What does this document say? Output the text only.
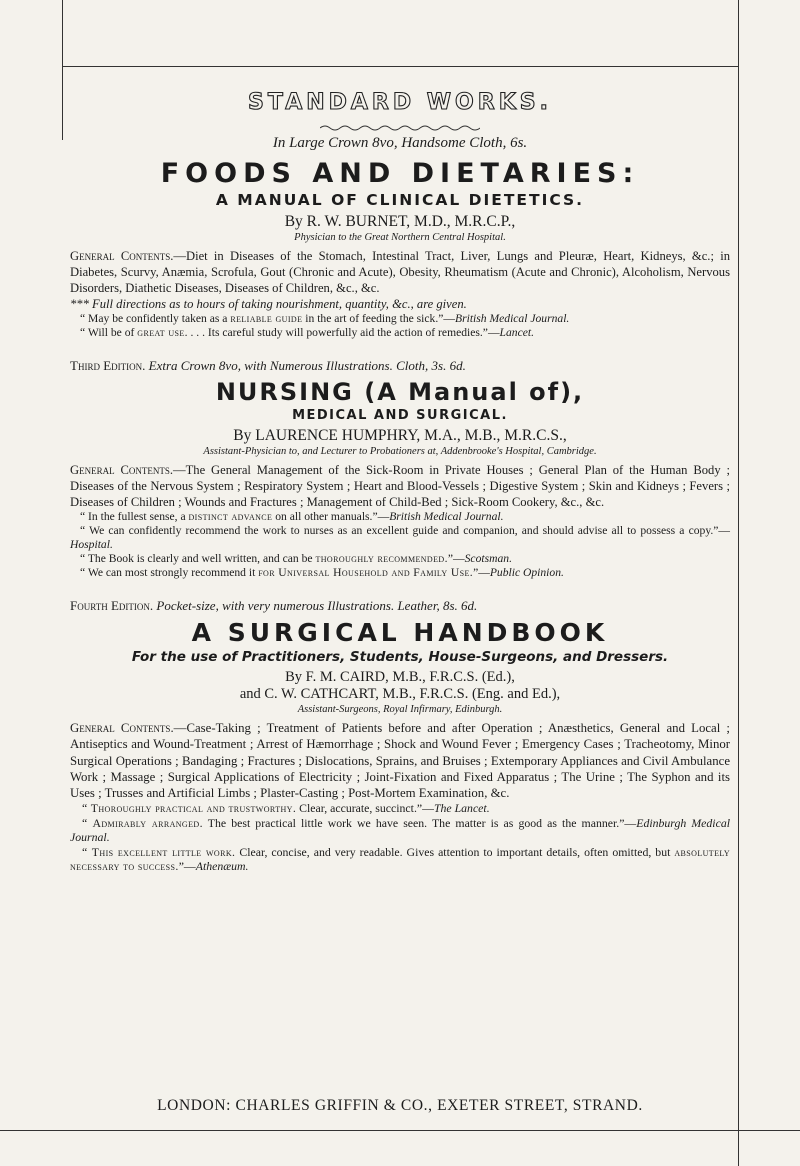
STANDARD WORKS.

In Large Crown 8vo, Handsome Cloth, 6s.

FOODS AND DIETARIES:

A MANUAL OF CLINICAL DIETETICS.

By R. W. BURNET, M.D., M.R.C.P.,

Physician to the Great Northern Central Hospital.

General Contents.—Diet in Diseases of the Stomach, Intestinal Tract, Liver, Lungs and Pleuræ, Heart, Kidneys, &c.; in Diabetes, Scurvy, Anæmia, Scrofula, Gout (Chronic and Acute), Obesity, Rheumatism (Acute and Chronic), Alcoholism, Nervous Disorders, Diathetic Diseases, Diseases of Children, &c., &c.

*** Full directions as to hours of taking nourishment, quantity, &c., are given.

“ May be confidently taken as a reliable guide in the art of feeding the sick.”—British Medical Journal.

“ Will be of great use. . . . Its careful study will powerfully aid the action of remedies.”—Lancet.

Third Edition. Extra Crown 8vo, with Numerous Illustrations. Cloth, 3s. 6d.

NURSING (A Manual of),

MEDICAL AND SURGICAL.

By LAURENCE HUMPHRY, M.A., M.B., M.R.C.S.,

Assistant-Physician to, and Lecturer to Probationers at, Addenbrooke's Hospital, Cambridge.

General Contents.—The General Management of the Sick-Room in Private Houses ; General Plan of the Human Body ; Diseases of the Nervous System ; Respiratory System ; Heart and Blood-Vessels ; Digestive System ; Skin and Kidneys ; Fevers ; Diseases of Children ; Wounds and Fractures ; Management of Child-Bed ; Sick-Room Cookery, &c., &c.

“ In the fullest sense, a distinct advance on all other manuals.”—British Medical Journal.

“ We can confidently recommend the work to nurses as an excellent guide and companion, and should advise all to possess a copy.”—Hospital.

“ The Book is clearly and well written, and can be thoroughly recommended.”—Scotsman.

“ We can most strongly recommend it for Universal Household and Family Use.”—Public Opinion.

Fourth Edition. Pocket-size, with very numerous Illustrations. Leather, 8s. 6d.

A SURGICAL HANDBOOK

For the use of Practitioners, Students, House-Surgeons, and Dressers.

By F. M. CAIRD, M.B., F.R.C.S. (Ed.),

and C. W. CATHCART, M.B., F.R.C.S. (Eng. and Ed.),

Assistant-Surgeons, Royal Infirmary, Edinburgh.

General Contents.—Case-Taking ; Treatment of Patients before and after Operation ; Anæsthetics, General and Local ; Antiseptics and Wound-Treatment ; Arrest of Hæmorrhage ; Shock and Wound Fever ; Emergency Cases ; Tracheotomy, Minor Surgical Operations ; Bandaging ; Fractures ; Dislocations, Sprains, and Bruises ; Extemporary Appliances and Civil Ambulance Work ; Massage ; Surgical Applications of Electricity ; Joint-Fixation and Fixed Apparatus ; The Urine ; The Syphon and its Uses ; Trusses and Artificial Limbs ; Plaster-Casting ; Post-Mortem Examination, &c.

“ Thoroughly practical and trustworthy. Clear, accurate, succinct.”—The Lancet.

“ Admirably arranged. The best practical little work we have seen. The matter is as good as the manner.”—Edinburgh Medical Journal.

“ This excellent little work. Clear, concise, and very readable. Gives attention to important details, often omitted, but absolutely necessary to success.”—Athenæum.

LONDON: CHARLES GRIFFIN & CO., EXETER STREET, STRAND.
